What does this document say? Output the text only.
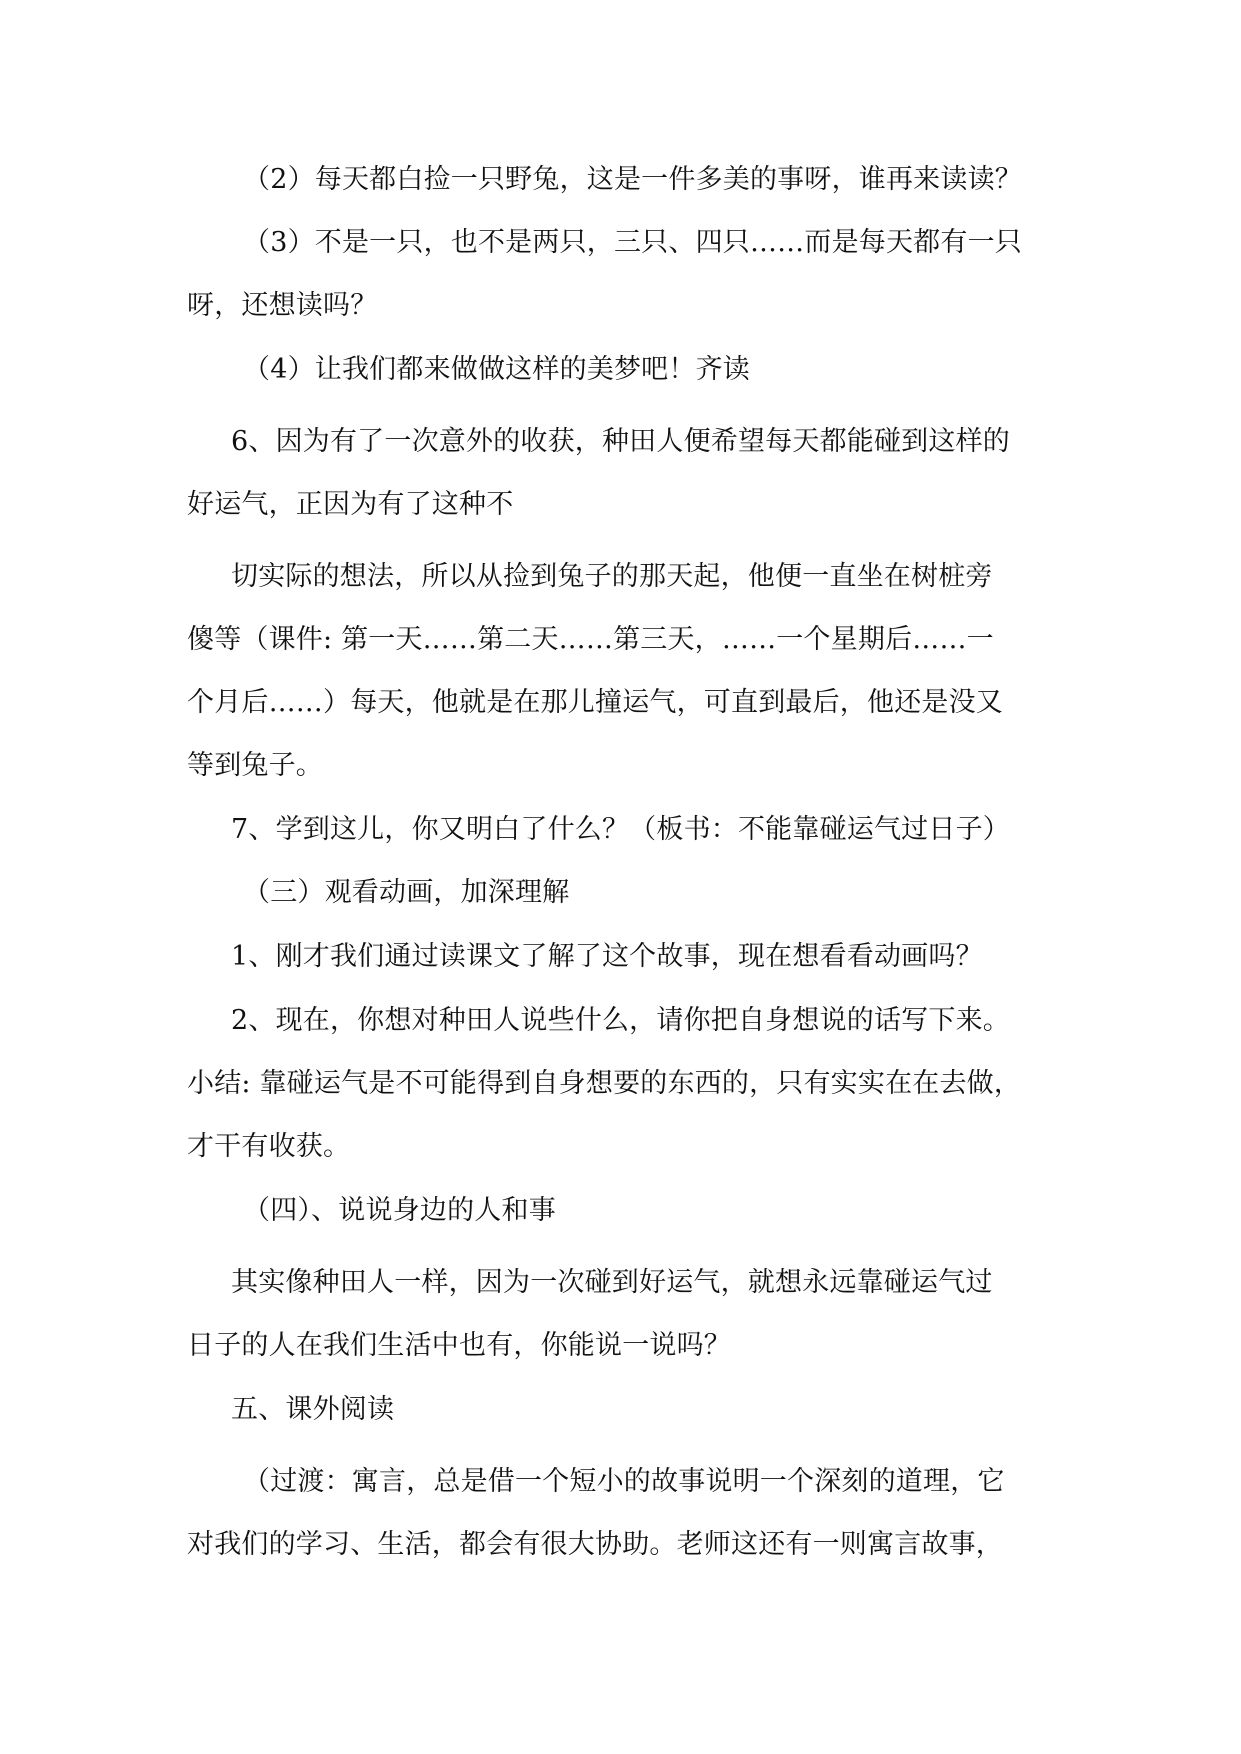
（2）每天都白捡一只野兔，这是一件多美的事呀，谁再来读读？
（3）不是一只，也不是两只，三只、四只……而是每天都有一只
呀，还想读吗？
（4）让我们都来做做这样的美梦吧！齐读
6、因为有了一次意外的收获，种田人便希望每天都能碰到这样的
好运气，正因为有了这种不
切实际的想法，所以从捡到兔子的那天起，他便一直坐在树桩旁
傻等（课件: 第一天……第二天……第三天，……一个星期后……一
个月后……）每天，他就是在那儿撞运气，可直到最后，他还是没又
等到兔子。
7、学到这儿，你又明白了什么？（板书：不能靠碰运气过日子）
（三）观看动画，加深理解
1、刚才我们通过读课文了解了这个故事，现在想看看动画吗？
2、现在，你想对种田人说些什么，请你把自身想说的话写下来。
小结: 靠碰运气是不可能得到自身想要的东西的，只有实实在在去做，
才干有收获。
（四）、说说身边的人和事
其实像种田人一样，因为一次碰到好运气，就想永远靠碰运气过
日子的人在我们生活中也有，你能说一说吗？
五、课外阅读
（过渡：寓言，总是借一个短小的故事说明一个深刻的道理，它
对我们的学习、生活，都会有很大协助。老师这还有一则寓言故事，
